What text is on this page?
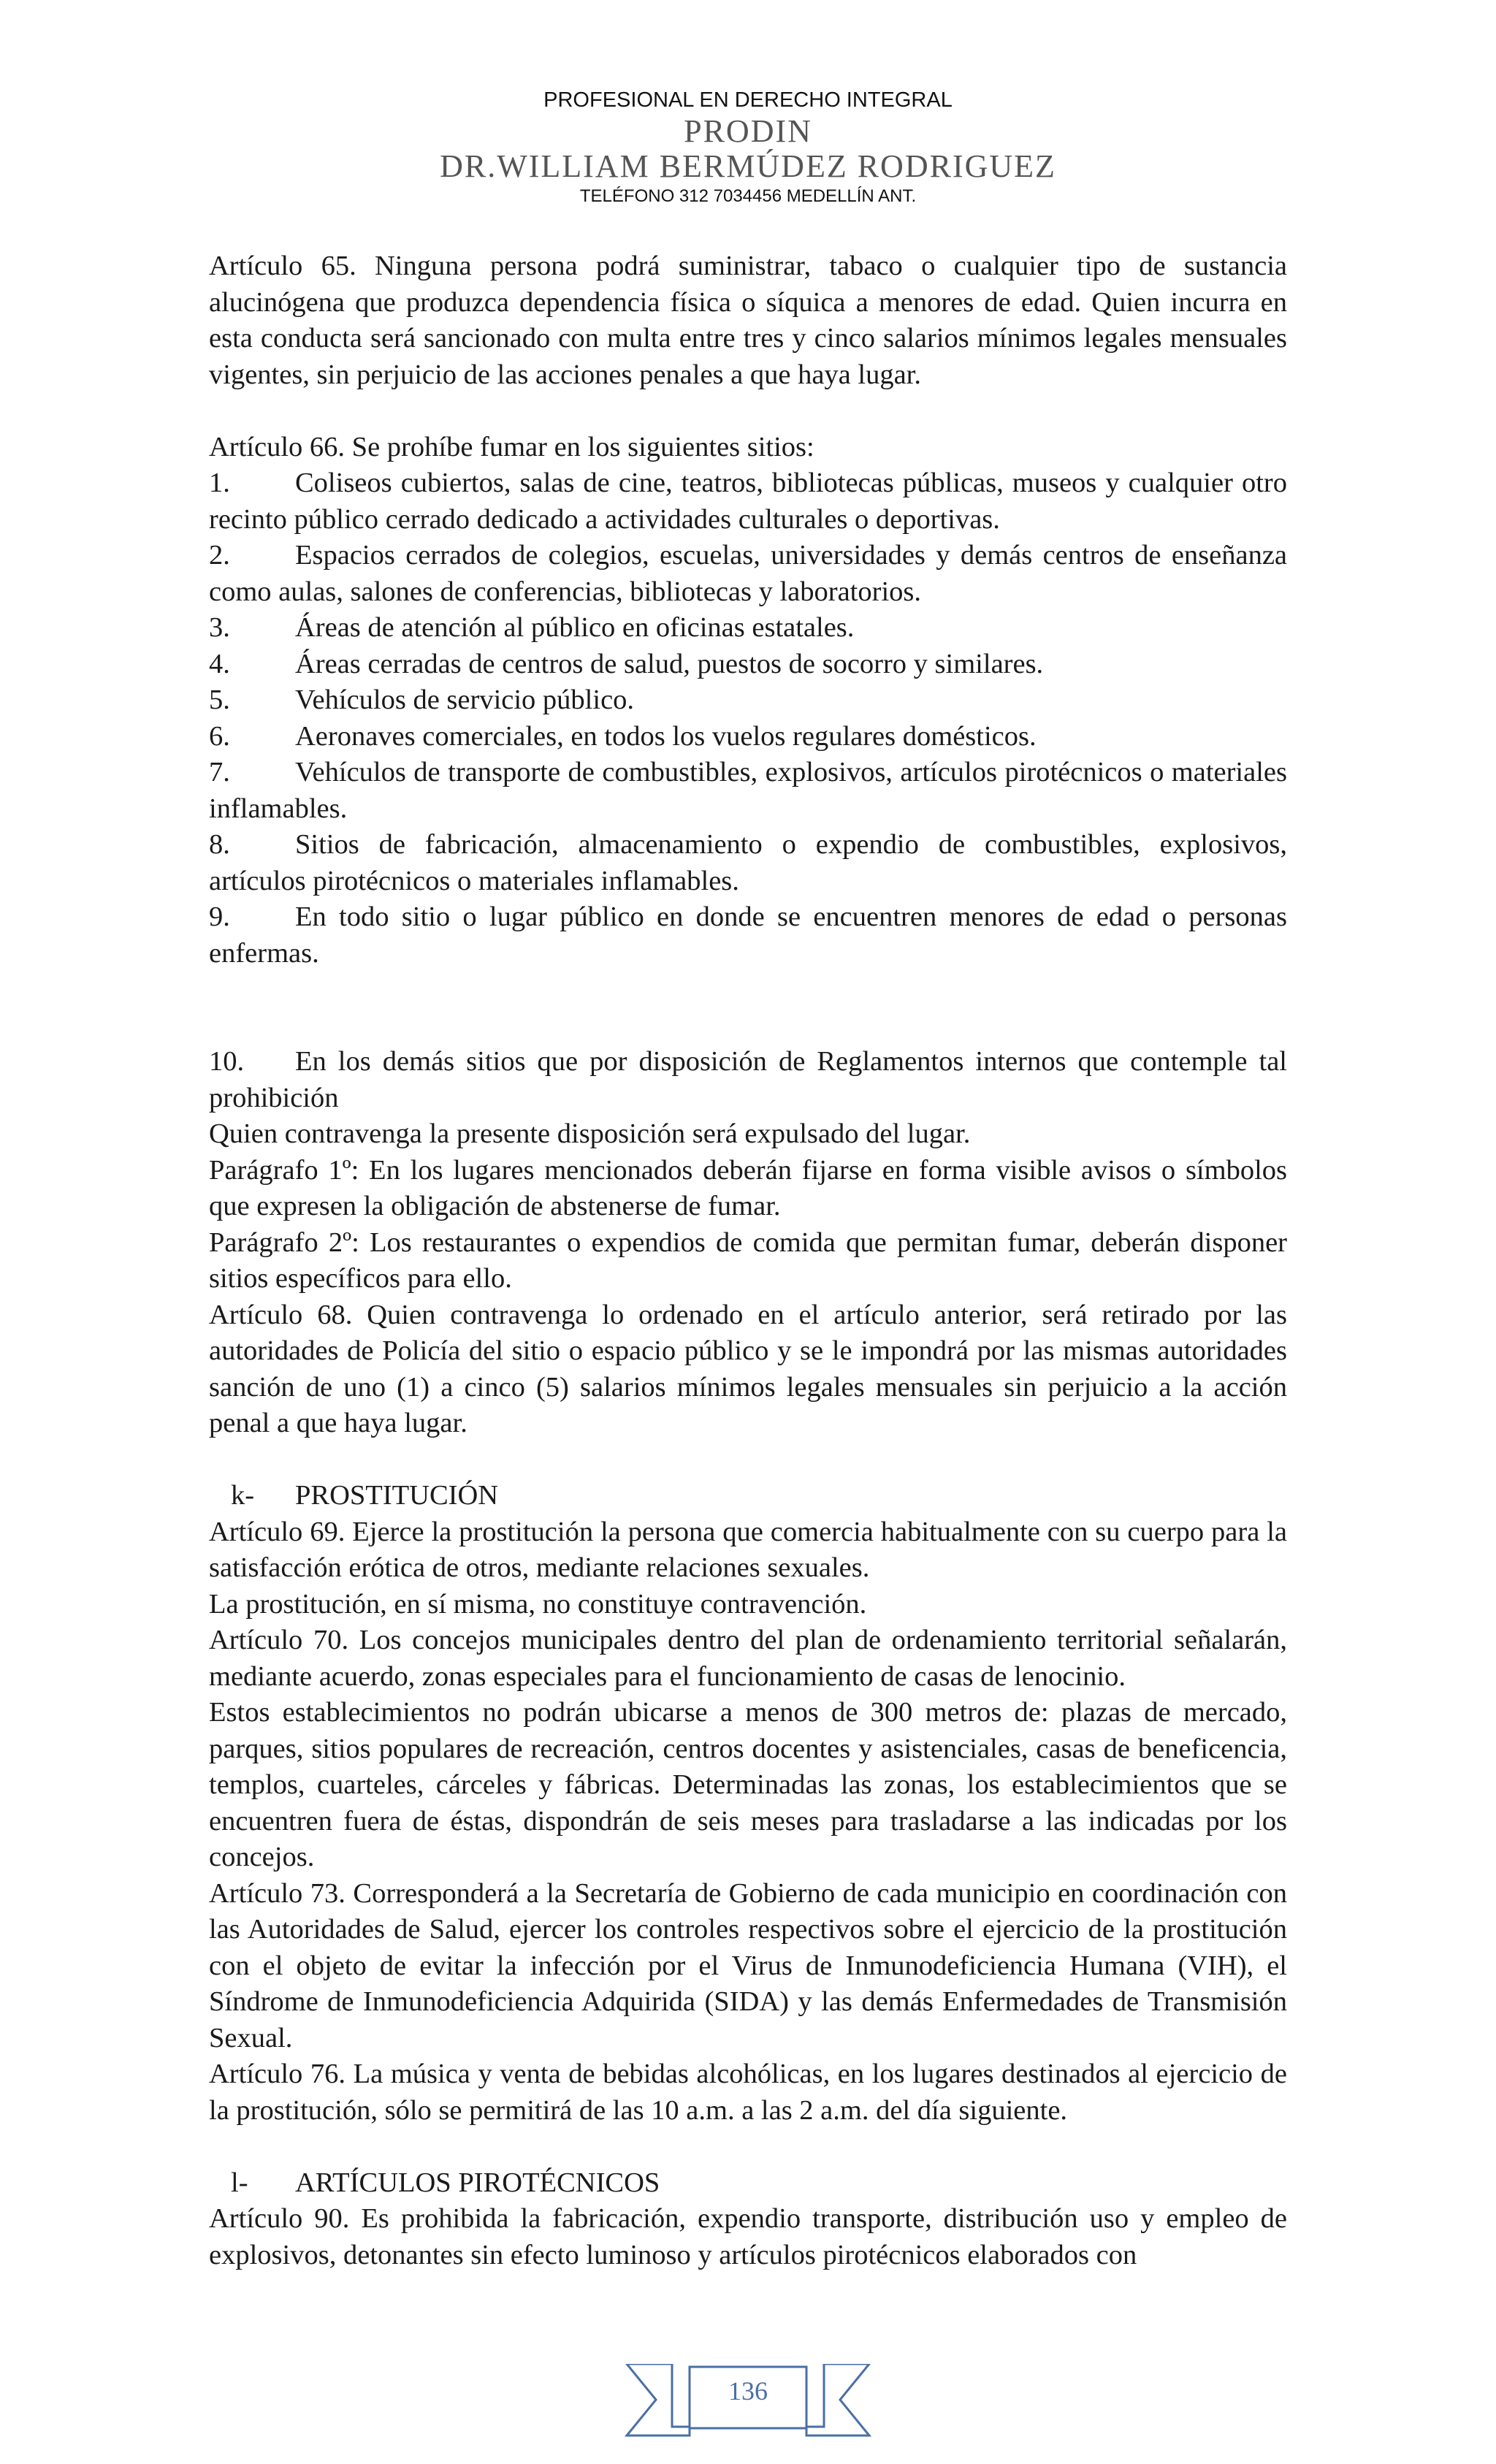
PROFESIONAL EN DERECHO INTEGRAL
PRODIN
DR.WILLIAM BERMÚDEZ RODRIGUEZ
TELÉFONO 312 7034456 MEDELLÍN ANT.

Artículo 65. Ninguna persona podrá suministrar, tabaco o cualquier tipo de sustancia alucinógena que produzca dependencia física o síquica a menores de edad. Quien incurra en esta conducta será sancionado con multa entre tres y cinco salarios mínimos legales mensuales vigentes, sin perjuicio de las acciones penales a que haya lugar.

Artículo 66. Se prohíbe fumar en los siguientes sitios:

1. Coliseos cubiertos, salas de cine, teatros, bibliotecas públicas, museos y cualquier otro recinto público cerrado dedicado a actividades culturales o deportivas.

2. Espacios cerrados de colegios, escuelas, universidades y demás centros de enseñanza como aulas, salones de conferencias, bibliotecas y laboratorios.

3. Áreas de atención al público en oficinas estatales.

4. Áreas cerradas de centros de salud, puestos de socorro y similares.

5. Vehículos de servicio público.

6. Aeronaves comerciales, en todos los vuelos regulares domésticos.

7. Vehículos de transporte de combustibles, explosivos, artículos pirotécnicos o materiales inflamables.

8. Sitios de fabricación, almacenamiento o expendio de combustibles, explosivos, artículos pirotécnicos o materiales inflamables.

9. En todo sitio o lugar público en donde se encuentren menores de edad o personas enfermas.

10. En los demás sitios que por disposición de Reglamentos internos que contemple tal prohibición

Quien contravenga la presente disposición será expulsado del lugar.

Parágrafo 1º: En los lugares mencionados deberán fijarse en forma visible avisos o símbolos que expresen la obligación de abstenerse de fumar.

Parágrafo 2º: Los restaurantes o expendios de comida que permitan fumar, deberán disponer sitios específicos para ello.

Artículo 68. Quien contravenga lo ordenado en el artículo anterior, será retirado por las autoridades de Policía del sitio o espacio público y se le impondrá por las mismas autoridades sanción de uno (1) a cinco (5) salarios mínimos legales mensuales sin perjuicio a la acción penal a que haya lugar.

k- PROSTITUCIÓN

Artículo 69. Ejerce la prostitución la persona que comercia habitualmente con su cuerpo para la satisfacción erótica de otros, mediante relaciones sexuales.

La prostitución, en sí misma, no constituye contravención.

Artículo 70. Los concejos municipales dentro del plan de ordenamiento territorial señalarán, mediante acuerdo, zonas especiales para el funcionamiento de casas de lenocinio.

Estos establecimientos no podrán ubicarse a menos de 300 metros de: plazas de mercado, parques, sitios populares de recreación, centros docentes y asistenciales, casas de beneficencia, templos, cuarteles, cárceles y fábricas. Determinadas las zonas, los establecimientos que se encuentren fuera de éstas, dispondrán de seis meses para trasladarse a las indicadas por los concejos.

Artículo 73. Corresponderá a la Secretaría de Gobierno de cada municipio en coordinación con las Autoridades de Salud, ejercer los controles respectivos sobre el ejercicio de la prostitución con el objeto de evitar la infección por el Virus de Inmunodeficiencia Humana (VIH), el Síndrome de Inmunodeficiencia Adquirida (SIDA) y las demás Enfermedades de Transmisión Sexual.

Artículo 76. La música y venta de bebidas alcohólicas, en los lugares destinados al ejercicio de la prostitución, sólo se permitirá de las 10 a.m. a las 2 a.m. del día siguiente.

l- ARTÍCULOS PIROTÉCNICOS

Artículo 90. Es prohibida la fabricación, expendio transporte, distribución uso y empleo de explosivos, detonantes sin efecto luminoso y artículos pirotécnicos elaborados con

136
